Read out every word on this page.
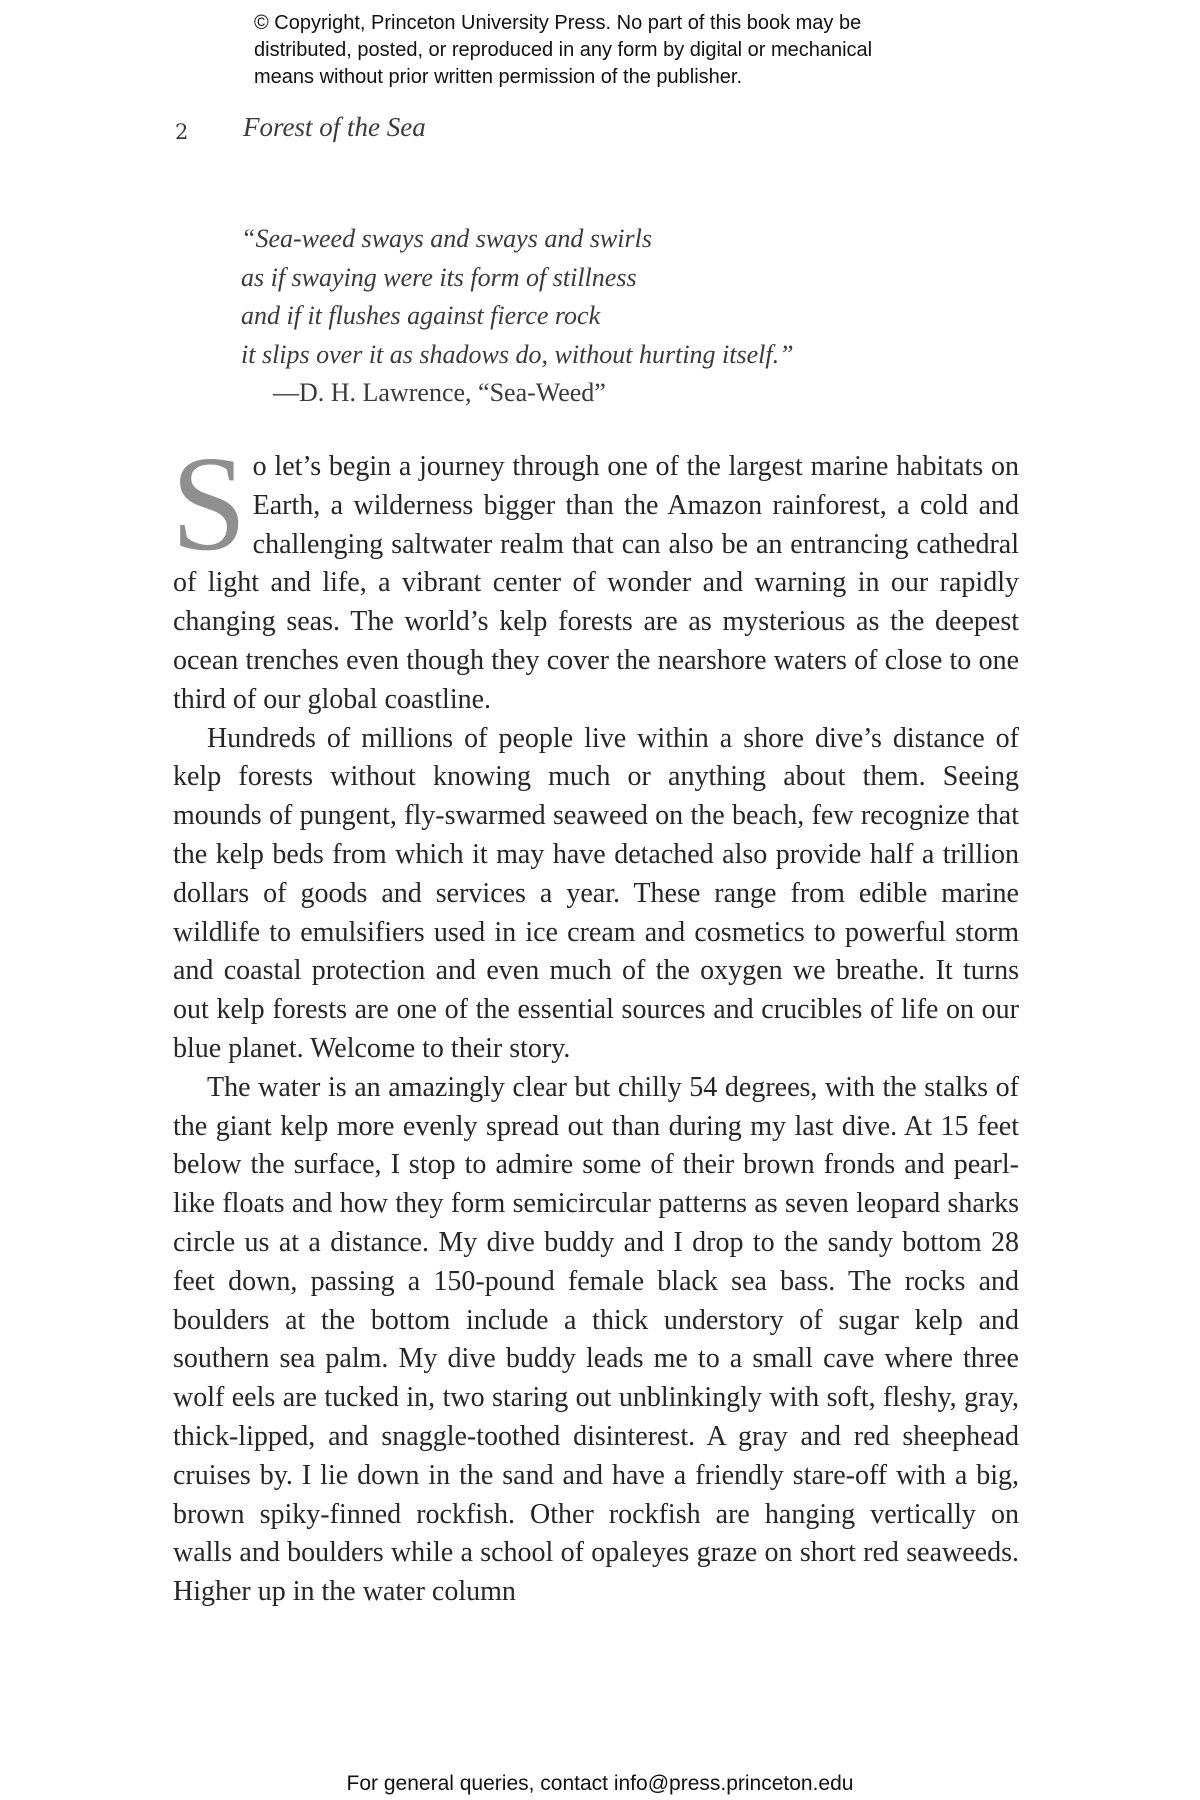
© Copyright, Princeton University Press. No part of this book may be
distributed, posted, or reproduced in any form by digital or mechanical
means without prior written permission of the publisher.
2 Forest of the Sea
“Sea-weed sways and sways and swirls
as if swaying were its form of stillness
and if it flushes against fierce rock
it slips over it as shadows do, without hurting itself.”
—D. H. Lawrence, “Sea-Weed”

So let’s begin a journey through one of the largest marine habitats on Earth, a wilderness bigger than the Amazon rainforest, a cold and challenging saltwater realm that can also be an entrancing cathedral of light and life, a vibrant center of wonder and warning in our rapidly changing seas. The world’s kelp forests are as mysterious as the deepest ocean trenches even though they cover the nearshore waters of close to one third of our global coastline.

Hundreds of millions of people live within a shore dive’s distance of kelp forests without knowing much or anything about them. Seeing mounds of pungent, fly-swarmed seaweed on the beach, few recognize that the kelp beds from which it may have detached also provide half a trillion dollars of goods and services a year. These range from edible marine wildlife to emulsifiers used in ice cream and cosmetics to powerful storm and coastal protection and even much of the oxygen we breathe. It turns out kelp forests are one of the essential sources and crucibles of life on our blue planet. Welcome to their story.

The water is an amazingly clear but chilly 54 degrees, with the stalks of the giant kelp more evenly spread out than during my last dive. At 15 feet below the surface, I stop to admire some of their brown fronds and pearl-like floats and how they form semicircular patterns as seven leopard sharks circle us at a distance. My dive buddy and I drop to the sandy bottom 28 feet down, passing a 150-pound female black sea bass. The rocks and boulders at the bottom include a thick understory of sugar kelp and southern sea palm. My dive buddy leads me to a small cave where three wolf eels are tucked in, two staring out unblinkingly with soft, fleshy, gray, thick-lipped, and snaggle-toothed disinterest. A gray and red sheephead cruises by. I lie down in the sand and have a friendly stare-off with a big, brown spiky-finned rockfish. Other rockfish are hanging vertically on walls and boulders while a school of opaleyes graze on short red seaweeds. Higher up in the water column

For general queries, contact info@press.princeton.edu
